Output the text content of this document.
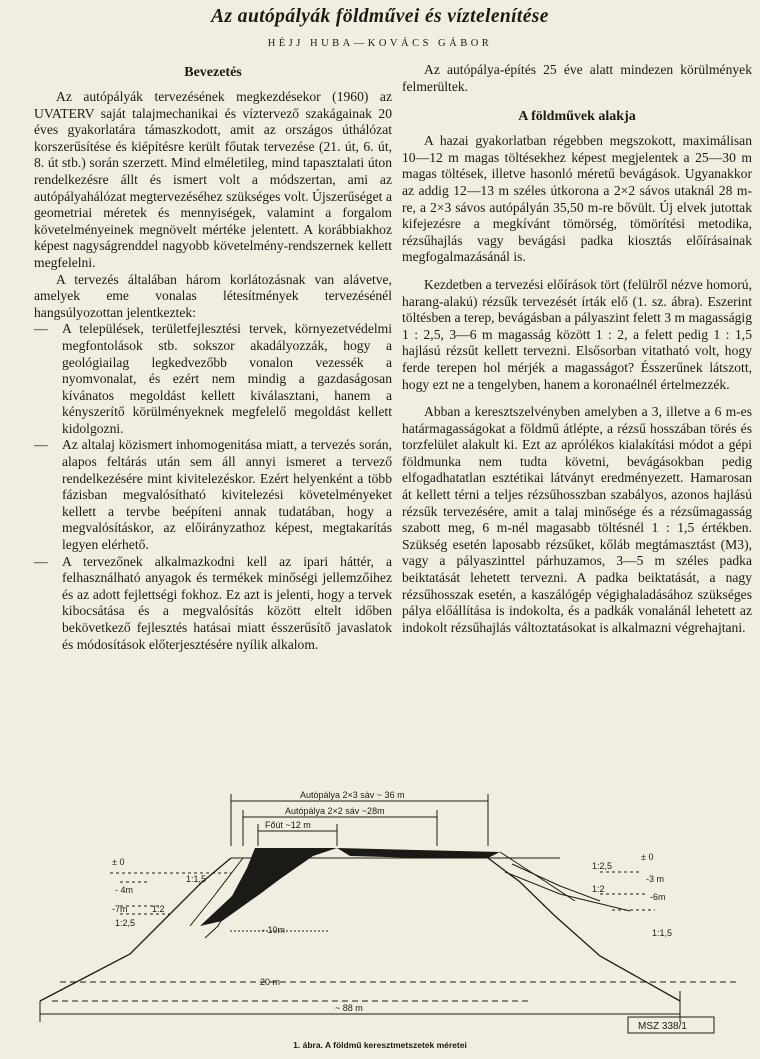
Az autópályák földművei és víztelenítése
HÉJJ HUBA—KOVÁCS GÁBOR
Bevezetés

Az autópályák tervezésének megkezdésekor (1960) az UVATERV saját talajmechanikai és víztervező szakágainak 20 éves gyakorlatára támaszkodott, amit az országos úthálózat korszerűsítése és kiépítésre került főutak tervezése (21. út, 6. út, 8. út stb.) során szerzett. Mind elméletileg, mind tapasztalati úton rendelkezésre állt és ismert volt a módszertan, ami az autópályahálózat megtervezéséhez szükséges volt. Újszerűséget a geometriai méretek és mennyiségek, valamint a forgalom követelményeinek megnövelt mértéke jelentett. A korábbiakhoz képest nagyságrenddel nagyobb követelmény-rendszernek kellett megfelelni.

A tervezés általában három korlátozásnak van alávetve, amelyek eme vonalas létesítmények tervezésénél hangsúlyozottan jelentkeztek:

— A települések, területfejlesztési tervek, környezetvédelmi megfontolások stb. sokszor akadályozzák, hogy a geológiailag legkedvezőbb vonalon vezessék a nyomvonalat, és ezért nem mindig a gazdaságosan kívánatos megoldást kellett kiválasztani, hanem a kényszerítő körülményeknek megfelelő megoldást kellett kidolgozni.

— Az altalaj közismert inhomogenitása miatt, a tervezés során, alapos feltárás után sem áll annyi ismeret a tervező rendelkezésére mint kivitelezéskor. Ezért helyenként a több fázisban megvalósítható kivitelezési követelményeket kellett a tervbe beépíteni annak tudatában, hogy a megvalósításkor, az előirányzathoz képest, megtakarítás legyen elérhető.

— A tervezőnek alkalmazkodni kell az ipari háttér, a felhasználható anyagok és termékek minőségi jellemzőihez és az adott fejlettségi fokhoz. Ez azt is jelenti, hogy a tervek kibocsátása és a megvalósítás között eltelt időben bekövetkező fejlesztés hatásai miatt ésszerűsítő javaslatok és módosítások előterjesztésére nyílik alkalom.

Az autópálya-építés 25 éve alatt mindezen körülmények felmerültek.

A földművek alakja

A hazai gyakorlatban régebben megszokott, maximálisan 10—12 m magas töltésekhez képest megjelentek a 25—30 m magas töltések, illetve hasonló méretű bevágások. Ugyanakkor az addig 12—13 m széles útkorona a 2×2 sávos utaknál 28 m-re, a 2×3 sávos autópályán 35,50 m-re bővült. Új elvek jutottak kifejezésre a megkívánt tömörség, tömörítési metodika, rézsűhajlás vagy bevágási padka kiosztás előírásainak megfogalmazásánál is.

Kezdetben a tervezési előírások tört (felülről nézve homorú, harang-alakú) rézsűk tervezését írták elő (1. sz. ábra). Eszerint töltésben a terep, bevágásban a pályaszint felett 3 m magasságig 1 : 2,5, 3—6 m magasság között 1 : 2, a felett pedig 1 : 1,5 hajlású rézsűt kellett tervezni. Elsősorban vitatható volt, hogy ferde terepen hol mérjék a magasságot? Ésszerűnek látszott, hogy ezt ne a tengelyben, hanem a koronaélnél értelmezzék.

Abban a keresztszelvényben amelyben a 3, illetve a 6 m-es határmagasságokat a földmű átlépte, a rézsű hosszában törés és torzfelület alakult ki. Ezt az aprólékos kialakítási módot a gépi földmunka nem tudta követni, bevágásokban pedig elfogadhatatlan esztétikai látványt eredményezett. Hamarosan át kellett térni a teljes rézsűhosszban szabályos, azonos hajlású rézsűk tervezésére, amit a talaj minősége és a rézsűmagasság szabott meg, 6 m-nél magasabb töltésnél 1 : 1,5 értékben. Szükség esetén laposabb rézsűket, kőláb megtámasztást (M3), vagy a pályaszinttel párhuzamos, 3—5 m széles padka beiktatását lehetett tervezni. A padka beiktatását, a nagy rézsűhosszak esetén, a kaszálógép végighaladásához szükséges pálya előállítása is indokolta, és a padkák vonalánál lehetett az indokolt rézsűhajlás változtatásokat is alkalmazni végrehajtani.

Autópálya 2×3 sáv ~ 36 m
Autópálya 2×2 sáv ~28m
Főút ~12 m
± 0
- 4m
-7m
- 10m
1:1,5
1:2
1:2,5
± 0
-3 m
-6m
1:2,5
1:2
1:1,5
20 m
~ 88 m
MSZ 338/1
1. ábra. A földmű keresztmetszetek méretei
